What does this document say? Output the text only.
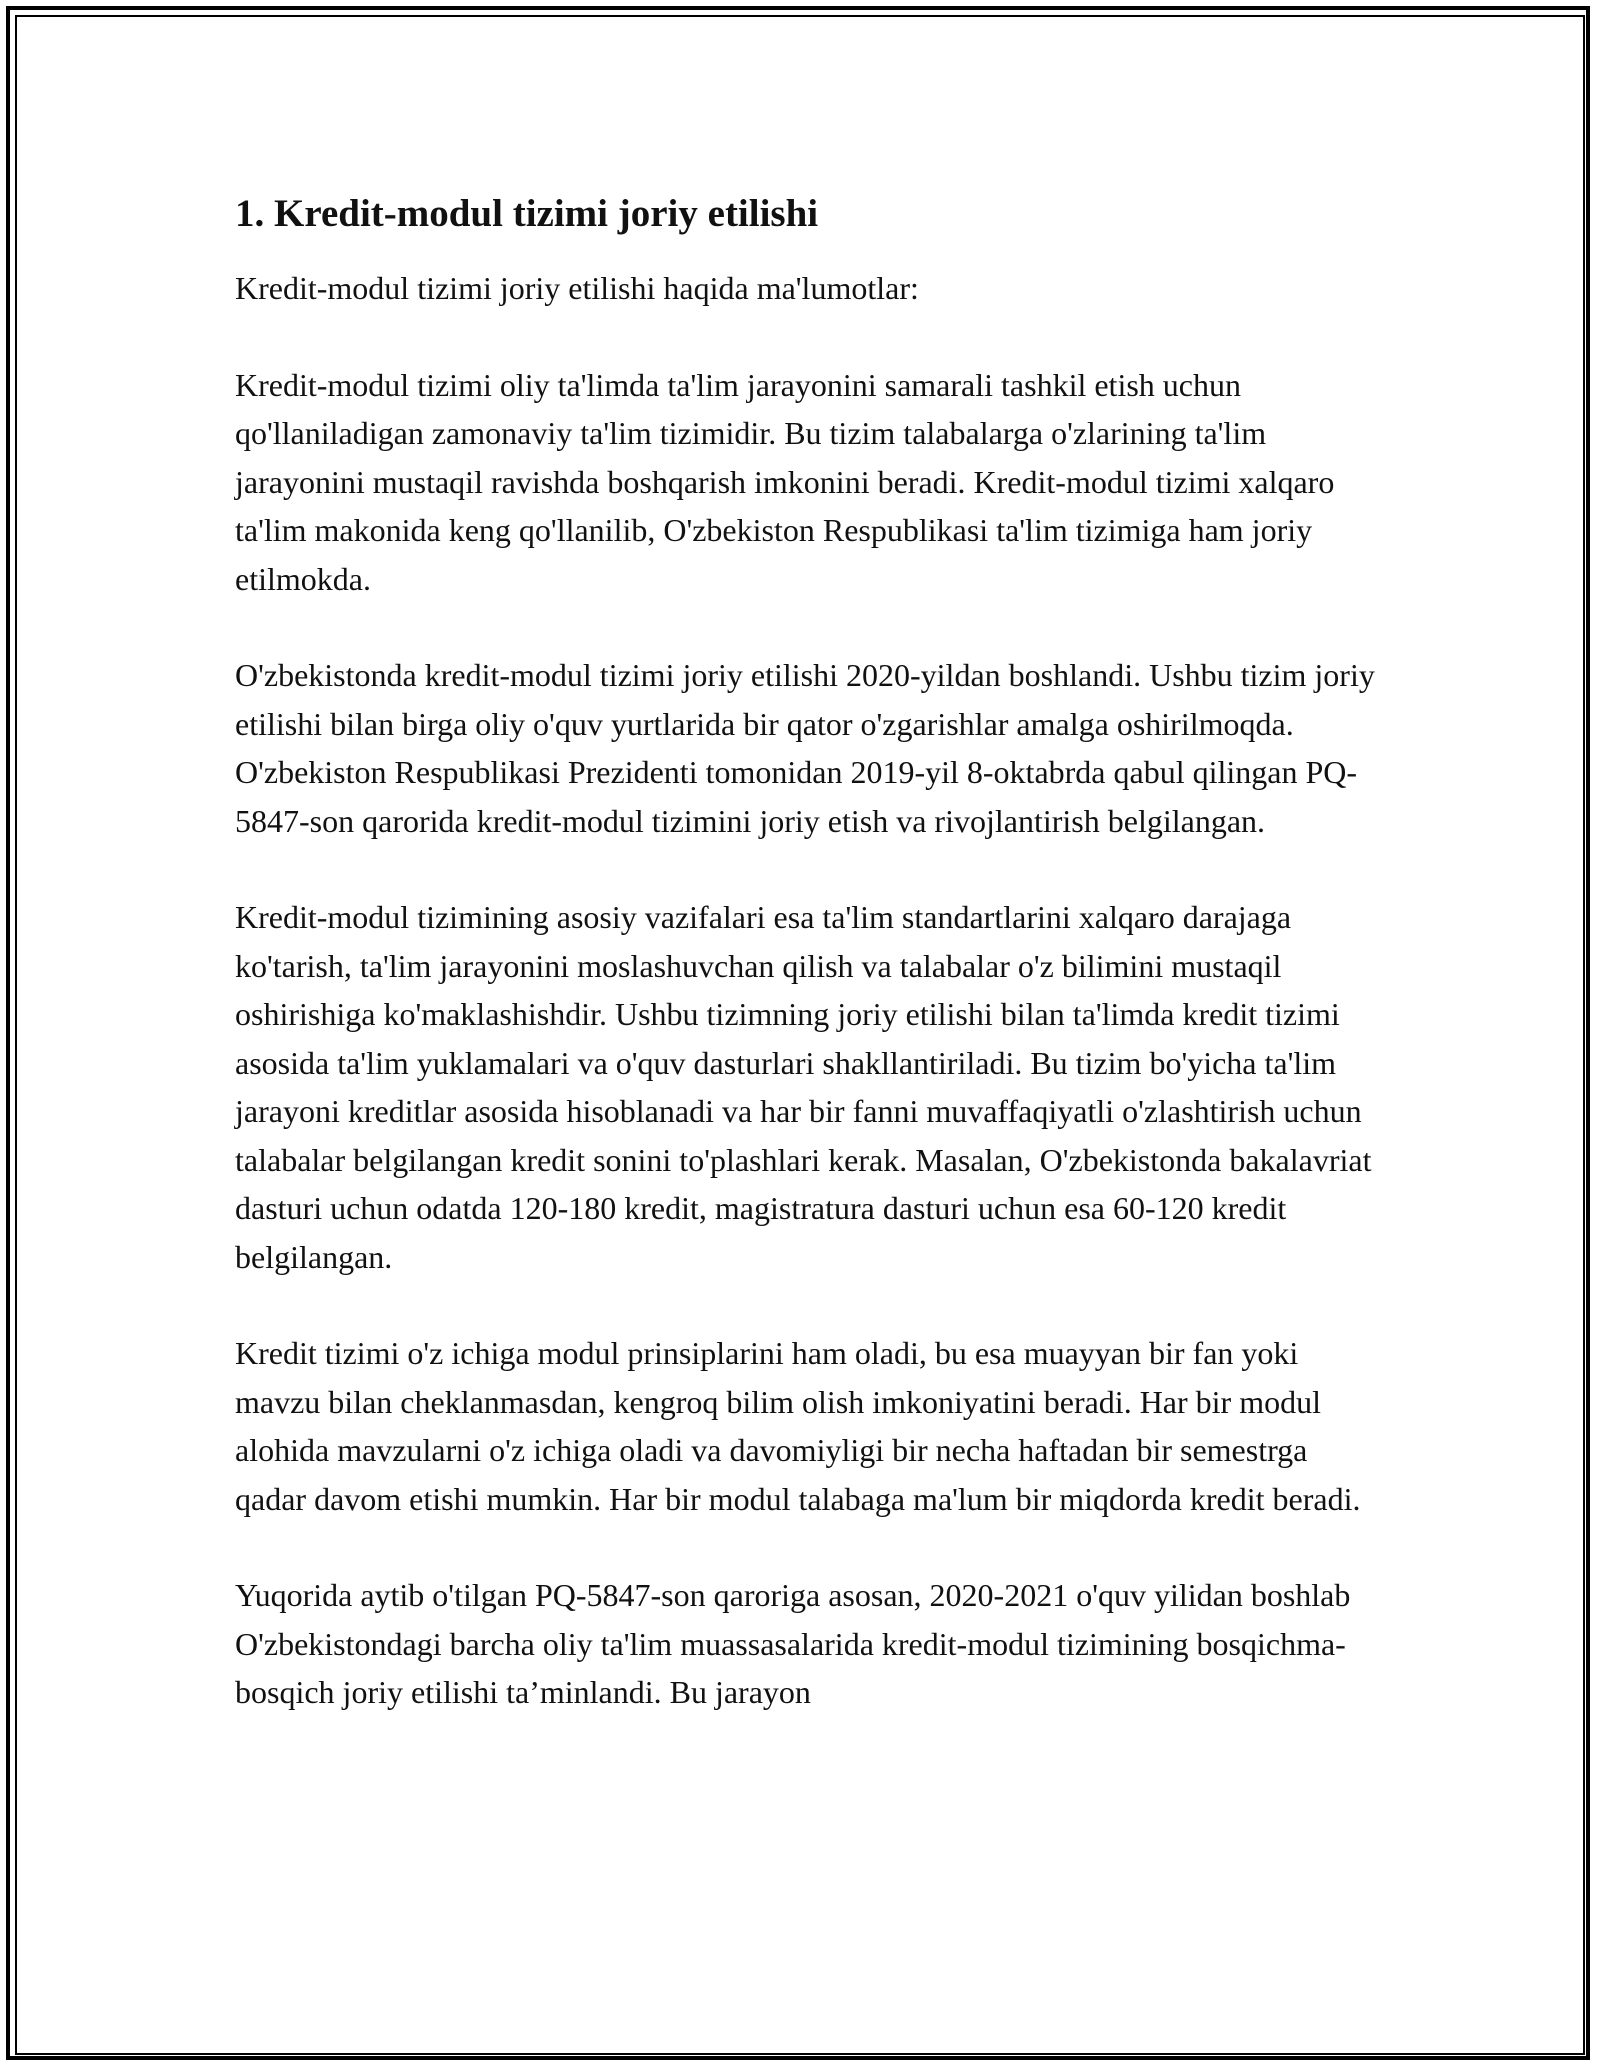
1. Kredit-modul tizimi joriy etilishi

Kredit-modul tizimi joriy etilishi haqida ma'lumotlar:

Kredit-modul tizimi oliy ta'limda ta'lim jarayonini samarali tashkil etish uchun qo'llaniladigan zamonaviy ta'lim tizimidir. Bu tizim talabalarga o'zlarining ta'lim jarayonini mustaqil ravishda boshqarish imkonini beradi. Kredit-modul tizimi xalqaro ta'lim makonida keng qo'llanilib, O'zbekiston Respublikasi ta'lim tizimiga ham joriy etilmokda.

O'zbekistonda kredit-modul tizimi joriy etilishi 2020-yildan boshlandi. Ushbu tizim joriy etilishi bilan birga oliy o'quv yurtlarida bir qator o'zgarishlar amalga oshirilmoqda. O'zbekiston Respublikasi Prezidenti tomonidan 2019-yil 8-oktabrda qabul qilingan PQ-5847-son qarorida kredit-modul tizimini joriy etish va rivojlantirish belgilangan.

Kredit-modul tizimining asosiy vazifalari esa ta'lim standartlarini xalqaro darajaga ko'tarish, ta'lim jarayonini moslashuvchan qilish va talabalar o'z bilimini mustaqil oshirishiga ko'maklashishdir. Ushbu tizimning joriy etilishi bilan ta'limda kredit tizimi asosida ta'lim yuklamalari va o'quv dasturlari shakllantiriladi. Bu tizim bo'yicha ta'lim jarayoni kreditlar asosida hisoblanadi va har bir fanni muvaffaqiyatli o'zlashtirish uchun talabalar belgilangan kredit sonini to'plashlari kerak. Masalan, O'zbekistonda bakalavriat dasturi uchun odatda 120-180 kredit, magistratura dasturi uchun esa 60-120 kredit belgilangan.

Kredit tizimi o'z ichiga modul prinsiplarini ham oladi, bu esa muayyan bir fan yoki mavzu bilan cheklanmasdan, kengroq bilim olish imkoniyatini beradi. Har bir modul alohida mavzularni o'z ichiga oladi va davomiyligi bir necha haftadan bir semestrga qadar davom etishi mumkin. Har bir modul talabaga ma'lum bir miqdorda kredit beradi.

Yuqorida aytib o'tilgan PQ-5847-son qaroriga asosan, 2020-2021 o'quv yilidan boshlab O'zbekistondagi barcha oliy ta'lim muassasalarida kredit-modul tizimining bosqichma-bosqich joriy etilishi ta’minlandi. Bu jarayon
